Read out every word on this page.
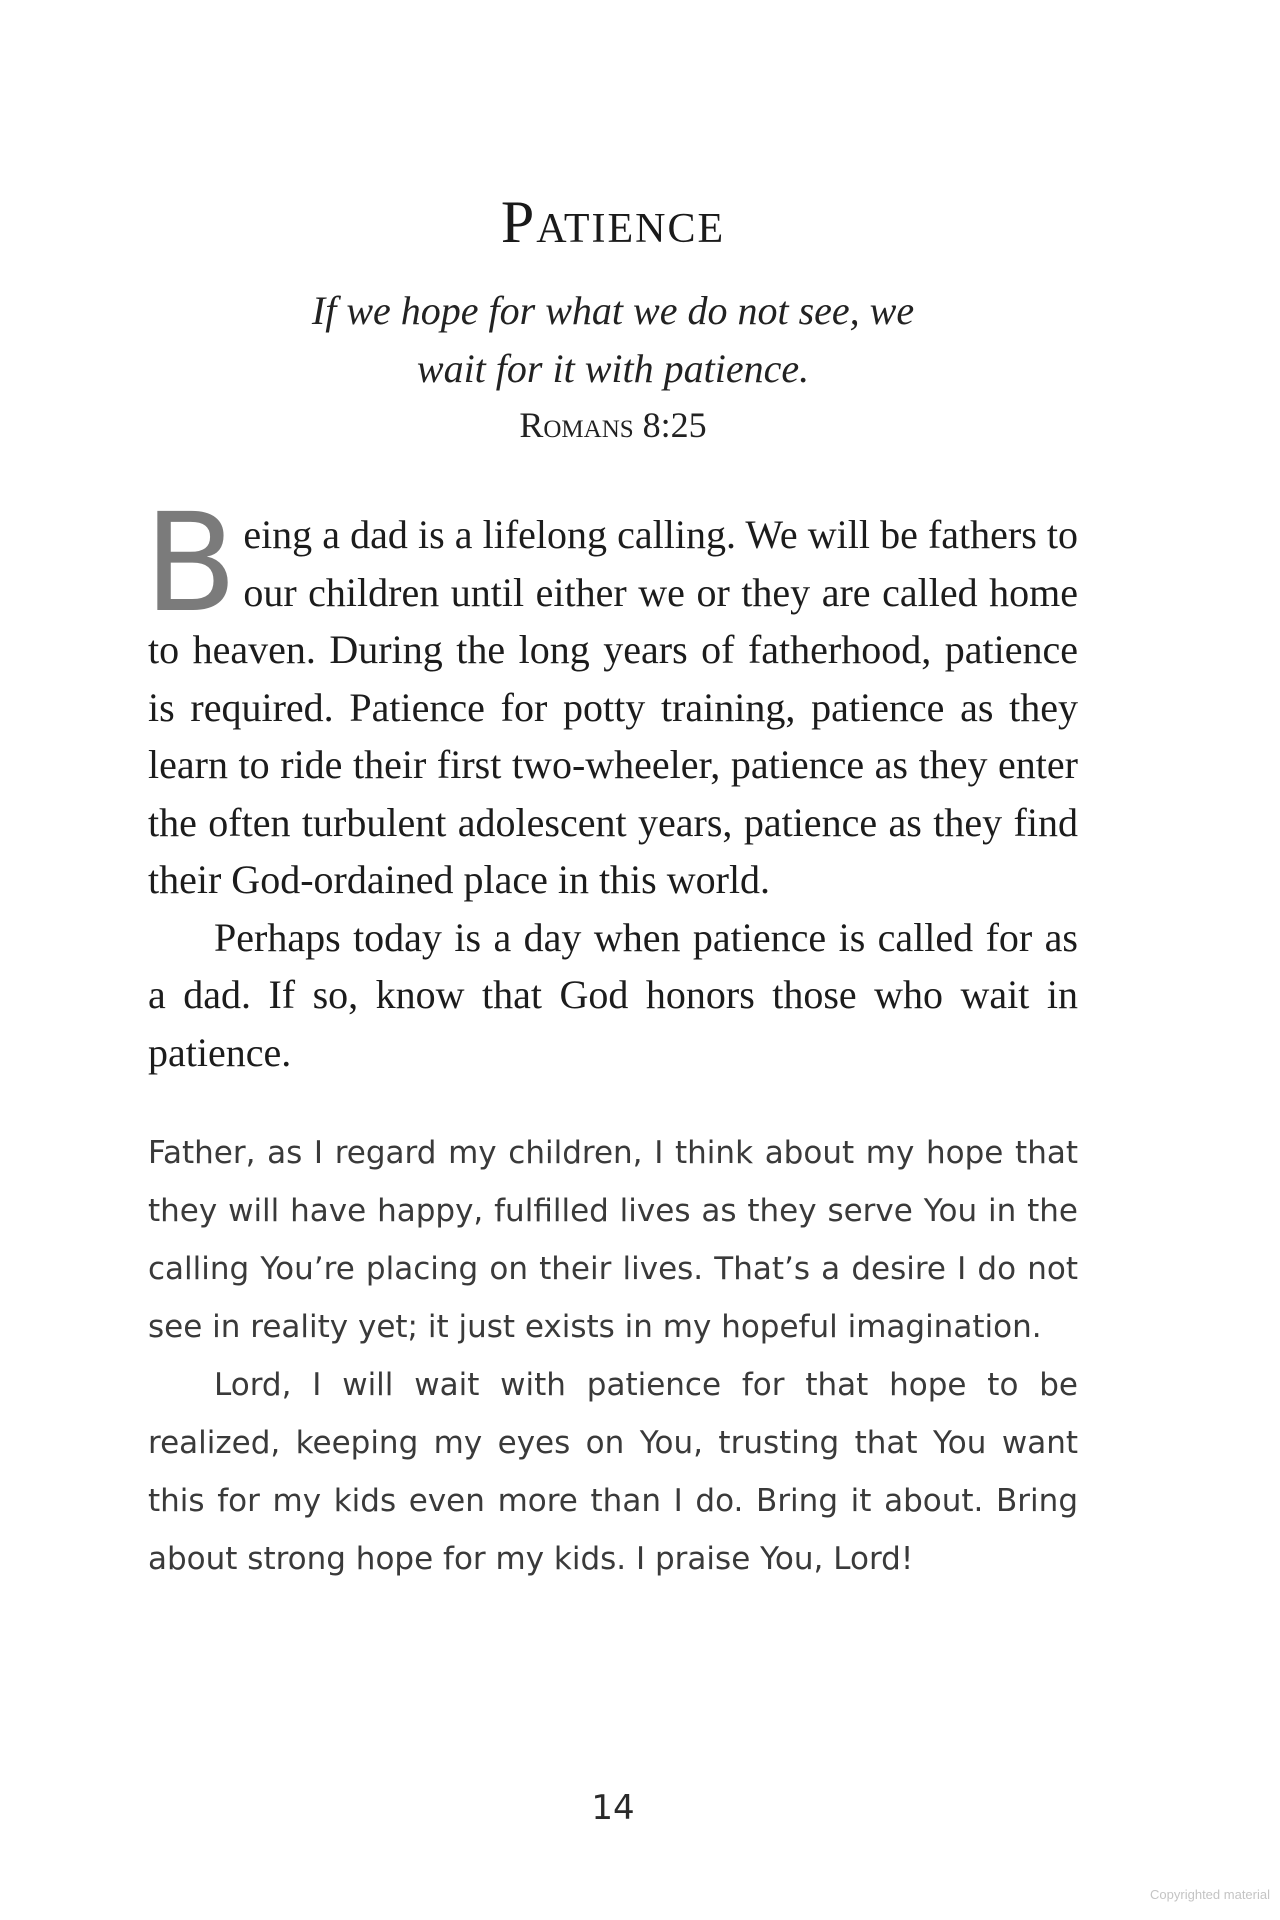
Patience
If we hope for what we do not see, we
wait for it with patience.
Romans 8:25

Being a dad is a lifelong calling. We will be fathers to our children until either we or they are called home to heaven. During the long years of fatherhood, patience is required. Patience for potty training, patience as they learn to ride their first two-wheeler, patience as they enter the often turbulent adolescent years, patience as they find their God-ordained place in this world.

Perhaps today is a day when patience is called for as a dad. If so, know that God honors those who wait in patience.

Father, as I regard my children, I think about my hope that they will have happy, fulfilled lives as they serve You in the calling You’re placing on their lives. That’s a desire I do not see in reality yet; it just exists in my hopeful imagination.

Lord, I will wait with patience for that hope to be realized, keeping my eyes on You, trusting that You want this for my kids even more than I do. Bring it about. Bring about strong hope for my kids. I praise You, Lord!

14
Copyrighted material
